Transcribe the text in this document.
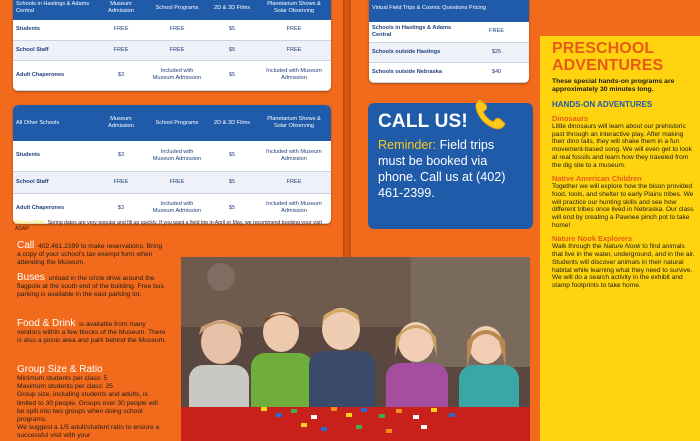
Schools in Hastings & Adams Central	Museum Admission	School Programs	2D & 3D Films	Planetarium Shows & Solar Observing
Students	FREE	FREE	$5	FREE
School Staff	FREE	FREE	$5	FREE
Adult Chaperones	$3	Included with Museum Admission	$5	Included with Museum Admission
All Other Schools	Museum Admission	School Programs	2D & 3D Films	Planetarium Shows & Solar Observing
Students	$3	Included with Museum Admission	$5	Included with Museum Admission
School Staff	FREE	FREE	$5	FREE
Adult Chaperones	$3	Included with Museum Admission	$5	Included with Museum Admission
Please Note: Spring dates are very popular and fill up quickly. If you want a field trip in April or May, we recommend booking your visit ASAP.
Call 402.461.2399 to make reservations. Bring a copy of your school's tax exempt form when attending the Museum.

Buses unload in the circle drive around the flagpole at the south end of the building. Free bus parking is available in the east parking lot.

Food & Drink is available from many vendors within a few blocks of the Museum. There is also a picnic area and park behind the Museum.

Group Size & Ratio
Minimum students per class: 5
Maximum students per class: 25
Group size, including students and adults, is limited to 30 people. Groups over 30 people will be split into two groups when doing school programs.
We suggest a 1/5 adult/student ratio to ensure a successful visit with your
Virtual Field Trips & Cosmic Questions Pricing	
Schools in Hastings & Adams Central	FREE
Schools outside Hastings	$25
Schools outside Nebraska	$40
CALL US!
Reminder: Field trips must be booked via phone. Call us at (402) 461-2399.
PRESCHOOL
ADVENTURES
These special hands-on programs are approximately 30 minutes long.
HANDS-ON ADVENTURES
Dinosaurs

Little dinosaurs will learn about our prehistoric past through an interactive play. After making their dino tails, they will shake them in a fun movement-based song. We will even get to look at real fossils and learn how they traveled from the dig site to a museum.

Native American Children

Together we will explore how the bison provided food, tools, and shelter to early Plains tribes. We will practice our hunting skills and see how different tribes once lived in Nebraska. Our class will end by creating a Pawnee pinch pot to take home!

Nature Nook Explorers

Walk through the Nature Nook to find animals that live in the water, underground, and in the air. Students will discover animals in their natural habitat while learning what they need to survive. We will do a search activity in the exhibit and stamp footprints to take home.
